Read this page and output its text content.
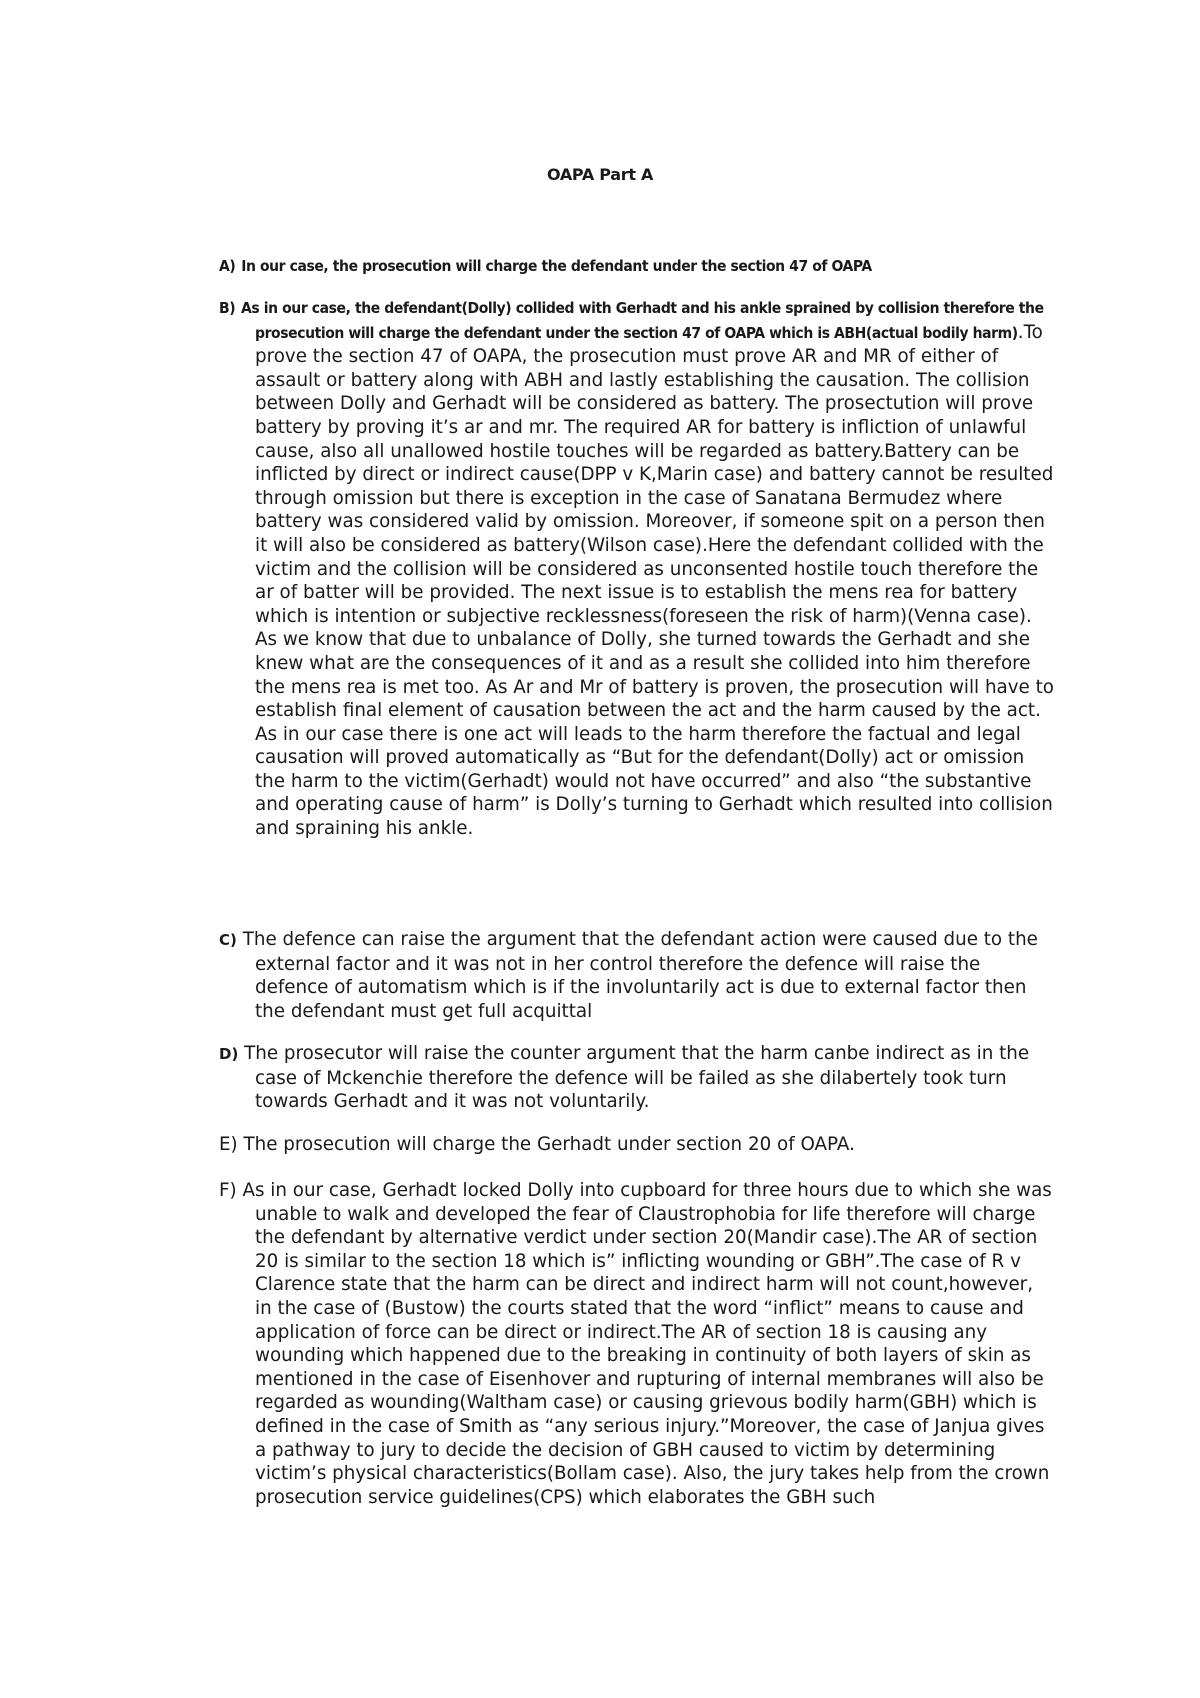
OAPA Part A

A) In our case, the prosecution will charge the defendant under the section 47 of OAPA

B) As in our case, the defendant(Dolly) collided with Gerhadt and his ankle sprained by collision therefore the prosecution will charge the defendant under the section 47 of OAPA which is ABH(actual bodily harm).To prove the section 47 of OAPA, the prosecution must prove AR and MR of either of assault or battery along with ABH and lastly establishing the causation. The collision between Dolly and Gerhadt will be considered as battery. The prosectution will prove battery by proving it’s ar and mr. The required AR for battery is infliction of unlawful cause, also all unallowed hostile touches will be regarded as battery.Battery can be inflicted by direct or indirect cause(DPP v K,Marin case) and battery cannot be resulted through omission but there is exception in the case of Sanatana Bermudez where battery was considered valid by omission. Moreover, if someone spit on a person then it will also be considered as battery(Wilson case).Here the defendant collided with the victim and the collision will be considered as unconsented hostile touch therefore the ar of batter will be provided. The next issue is to establish the mens rea for battery which is intention or subjective recklessness(foreseen the risk of harm)(Venna case). As we know that due to unbalance of Dolly, she turned towards the Gerhadt and she knew what are the consequences of it and as a result she collided into him therefore the mens rea is met too. As Ar and Mr of battery is proven, the prosecution will have to establish final element of causation between the act and the harm caused by the act. As in our case there is one act will leads to the harm therefore the factual and legal causation will proved automatically as “But for the defendant(Dolly) act or omission the harm to the victim(Gerhadt) would not have occurred” and also “the substantive and operating cause of harm” is Dolly’s turning to Gerhadt which resulted into collision and spraining his ankle.

C) The defence can raise the argument that the defendant action were caused due to the external factor and it was not in her control therefore the defence will raise the defence of automatism which is if the involuntarily act is due to external factor then the defendant must get full acquittal

D) The prosecutor will raise the counter argument that the harm canbe indirect as in the case of Mckenchie therefore the defence will be failed as she dilabertely took turn towards Gerhadt and it was not voluntarily.

E) The prosecution will charge the Gerhadt under section 20 of OAPA.

F) As in our case, Gerhadt locked Dolly into cupboard for three hours due to which she was unable to walk and developed the fear of Claustrophobia for life therefore will charge the defendant by alternative verdict under section 20(Mandir case).The AR of section 20 is similar to the section 18 which is” inflicting wounding or GBH”.The case of R v Clarence state that the harm can be direct and indirect harm will not count,however, in the case of (Bustow) the courts stated that the word “inflict” means to cause and application of force can be direct or indirect.The AR of section 18 is causing any wounding which happened due to the breaking in continuity of both layers of skin as mentioned in the case of Eisenhover and rupturing of internal membranes will also be regarded as wounding(Waltham case) or causing grievous bodily harm(GBH) which is defined in the case of Smith as “any serious injury.”Moreover, the case of Janjua gives a pathway to jury to decide the decision of GBH caused to victim by determining victim’s physical characteristics(Bollam case). Also, the jury takes help from the crown prosecution service guidelines(CPS) which elaborates the GBH such
